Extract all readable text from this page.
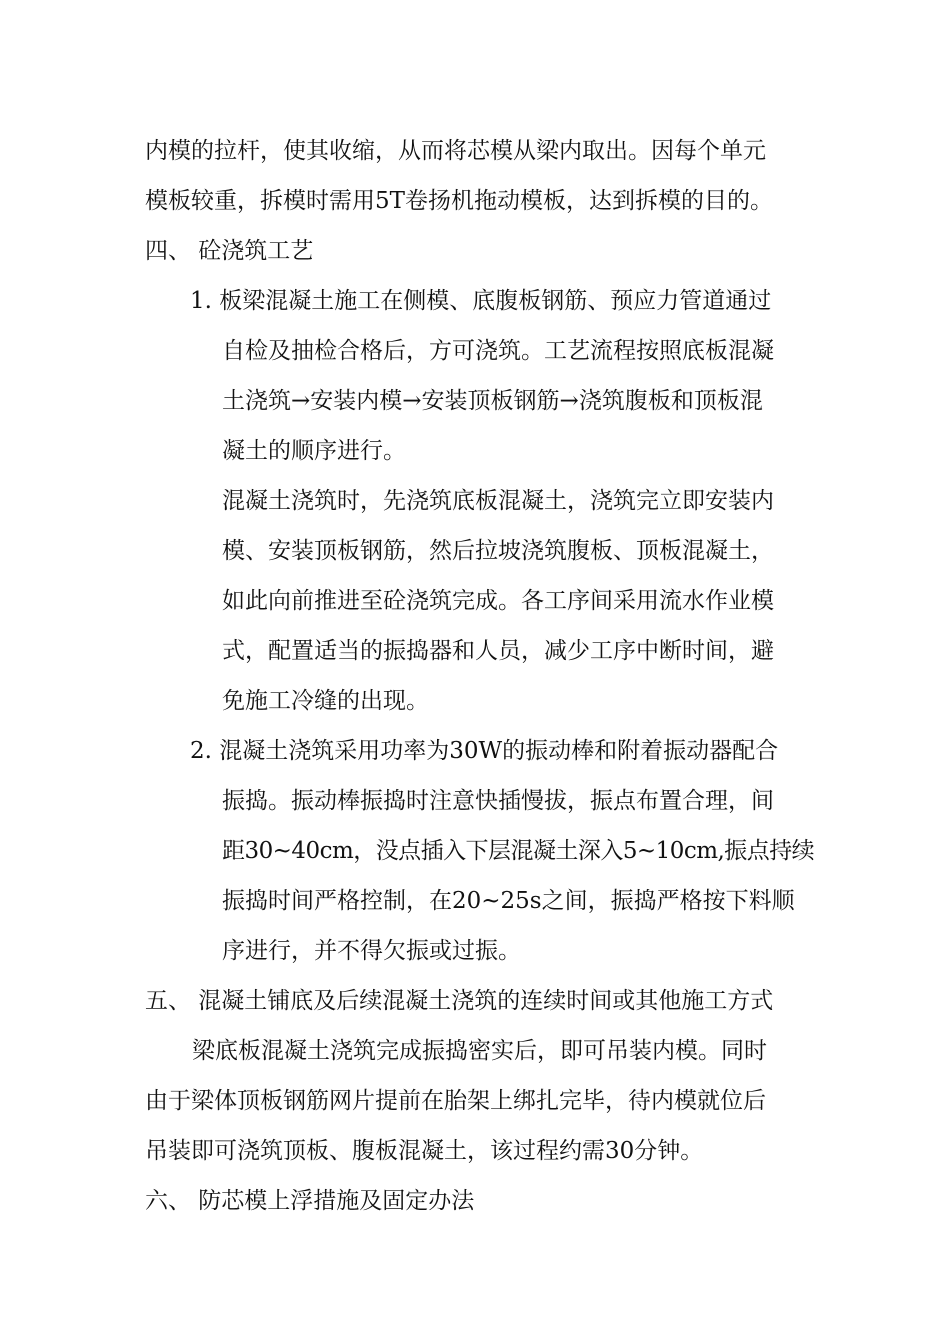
内模的拉杆，使其收缩，从而将芯模从梁内取出。因每个单元
模板较重，拆模时需用5T卷扬机拖动模板，达到拆模的目的。
四、 砼浇筑工艺
1. 板梁混凝土施工在侧模、底腹板钢筋、预应力管道通过
自检及抽检合格后，方可浇筑。工艺流程按照底板混凝
土浇筑→安装内模→安装顶板钢筋→浇筑腹板和顶板混
凝土的顺序进行。
混凝土浇筑时，先浇筑底板混凝土，浇筑完立即安装内
模、安装顶板钢筋，然后拉坡浇筑腹板、顶板混凝土，
如此向前推进至砼浇筑完成。各工序间采用流水作业模
式，配置适当的振捣器和人员，减少工序中断时间，避
免施工冷缝的出现。
2. 混凝土浇筑采用功率为30W的振动棒和附着振动器配合
振捣。振动棒振捣时注意快插慢拔，振点布置合理，间
距30~40cm，没点插入下层混凝土深入5~10cm,振点持续
振捣时间严格控制，在20~25s之间，振捣严格按下料顺
序进行，并不得欠振或过振。
五、 混凝土铺底及后续混凝土浇筑的连续时间或其他施工方式
梁底板混凝土浇筑完成振捣密实后，即可吊装内模。同时
由于梁体顶板钢筋网片提前在胎架上绑扎完毕，待内模就位后
吊装即可浇筑顶板、腹板混凝土，该过程约需30分钟。
六、 防芯模上浮措施及固定办法
